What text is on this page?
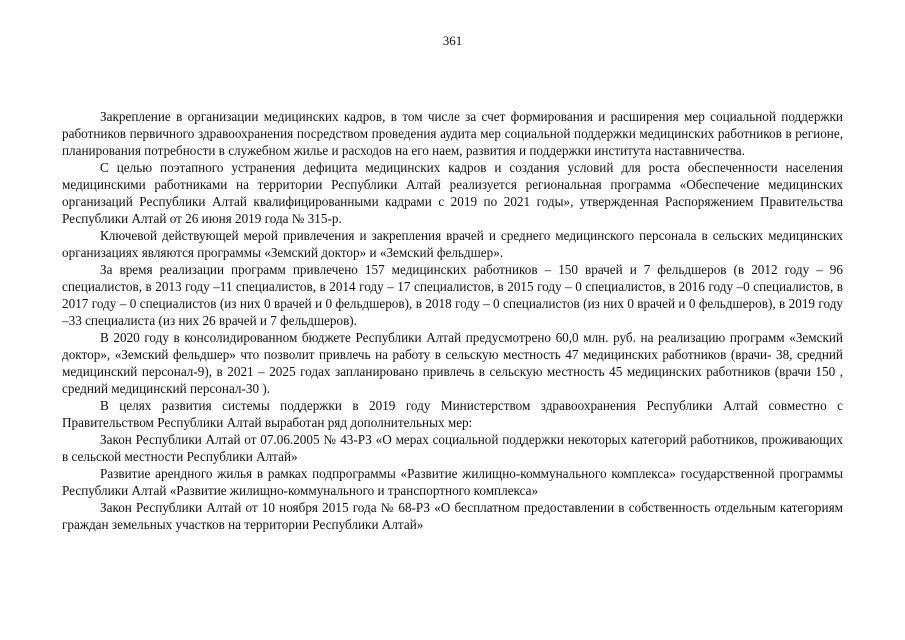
361

Закрепление в организации медицинских кадров, в том числе за счет формирования и расширения мер социальной поддержки работников первичного здравоохранения посредством проведения аудита мер социальной поддержки медицинских работников в регионе, планирования потребности в служебном жилье и расходов на его наем, развития и поддержки института наставничества.

С целью поэтапного устранения дефицита медицинских кадров и создания условий для роста обеспеченности населения медицинскими работниками на территории Республики Алтай реализуется региональная программа «Обеспечение медицинских организаций Республики Алтай квалифицированными кадрами с 2019 по 2021 годы», утвержденная Распоряжением Правительства Республики Алтай от 26 июня 2019 года № 315-р.

Ключевой действующей мерой привлечения и закрепления врачей и среднего медицинского персонала в сельских медицинских организациях являются программы «Земский доктор» и «Земский фельдшер».

За время реализации программ привлечено 157 медицинских работников – 150 врачей и 7 фельдшеров (в 2012 году – 96 специалистов, в 2013 году –11 специалистов, в 2014 году – 17 специалистов, в 2015 году – 0 специалистов, в 2016 году –0 специалистов, в 2017 году – 0 специалистов (из них 0 врачей и 0 фельдшеров), в 2018 году – 0 специалистов (из них 0 врачей и 0 фельдшеров), в 2019 году –33 специалиста (из них 26 врачей и 7 фельдшеров).

В 2020 году в консолидированном бюджете Республики Алтай предусмотрено 60,0 млн. руб. на реализацию программ «Земский доктор», «Земский фельдшер» что позволит привлечь на работу в сельскую местность 47 медицинских работников (врачи- 38, средний медицинский персонал-9), в 2021 – 2025 годах запланировано привлечь в сельскую местность 45 медицинских работников (врачи 150 , средний медицинский персонал-30 ).

В целях развития системы поддержки в 2019 году Министерством здравоохранения Республики Алтай совместно с Правительством Республики Алтай выработан ряд дополнительных мер:

Закон Республики Алтай от 07.06.2005 № 43-РЗ «О мерах социальной поддержки некоторых категорий работников, проживающих в сельской местности Республики Алтай»

Развитие арендного жилья в рамках подпрограммы «Развитие жилищно-коммунального комплекса» государственной программы Республики Алтай «Развитие жилищно-коммунального и транспортного комплекса»

Закон Республики Алтай от 10 ноября 2015 года № 68-РЗ «О бесплатном предоставлении в собственность отдельным категориям граждан земельных участков на территории Республики Алтай»
